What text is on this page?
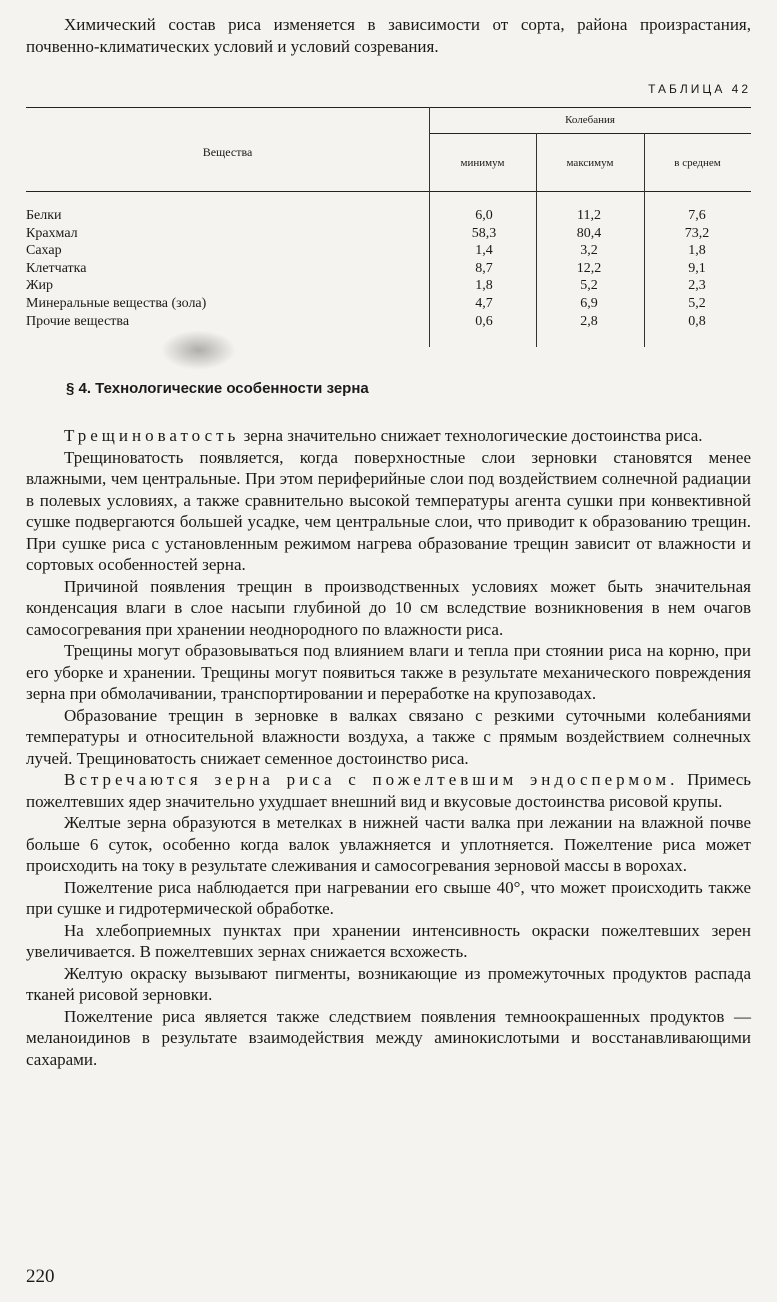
Химический состав риса изменяется в зависимости от сорта, района произрастания, почвенно-климатических условий и условий созревания.

ТАБЛИЦА 42
Вещества
Колебания
минимум	максимум	в среднем
Белки	6,0	11,2	7,6
Крахмал	58,3	80,4	73,2
Сахар	1,4	3,2	1,8
Клетчатка	8,7	12,2	9,1
Жир	1,8	5,2	2,3
Минеральные вещества (зола)	4,7	6,9	5,2
Прочие вещества	0,6	2,8	0,8
§ 4. Технологические особенности зерна

Трещиноватость зерна значительно снижает технологические достоинства риса.

Трещиноватость появляется, когда поверхностные слои зерновки становятся менее влажными, чем центральные. При этом периферийные слои под воздействием солнечной радиации в полевых условиях, а также сравнительно высокой температуры агента сушки при конвективной сушке подвергаются большей усадке, чем центральные слои, что приводит к образованию трещин. При сушке риса с установленным режимом нагрева образование трещин зависит от влажности и сортовых особенностей зерна.

Причиной появления трещин в производственных условиях может быть значительная конденсация влаги в слое насыпи глубиной до 10 см вследствие возникновения в нем очагов самосогревания при хранении неоднородного по влажности риса.

Трещины могут образовываться под влиянием влаги и тепла при стоянии риса на корню, при его уборке и хранении. Трещины могут появиться также в результате механического повреждения зерна при обмолачивании, транспортировании и переработке на крупозаводах.

Образование трещин в зерновке в валках связано с резкими суточными колебаниями температуры и относительной влажности воздуха, а также с прямым воздействием солнечных лучей. Трещиноватость снижает семенное достоинство риса.

Встречаются зерна риса с пожелтевшим эндоспермом. Примесь пожелтевших ядер значительно ухудшает внешний вид и вкусовые достоинства рисовой крупы.

Желтые зерна образуются в метелках в нижней части валка при лежании на влажной почве больше 6 суток, особенно когда валок увлажняется и уплотняется. Пожелтение риса может происходить на току в результате слеживания и самосогревания зерновой массы в ворохах.

Пожелтение риса наблюдается при нагревании его свыше 40°, что может происходить также при сушке и гидротермической обработке.

На хлебоприемных пунктах при хранении интенсивность окраски пожелтевших зерен увеличивается. В пожелтевших зернах снижается всхожесть.

Желтую окраску вызывают пигменты, возникающие из промежуточных продуктов распада тканей рисовой зерновки.

Пожелтение риса является также следствием появления темноокрашенных продуктов — меланоидинов в результате взаимодействия между аминокислотыми и восстанавливающими сахарами.

220
